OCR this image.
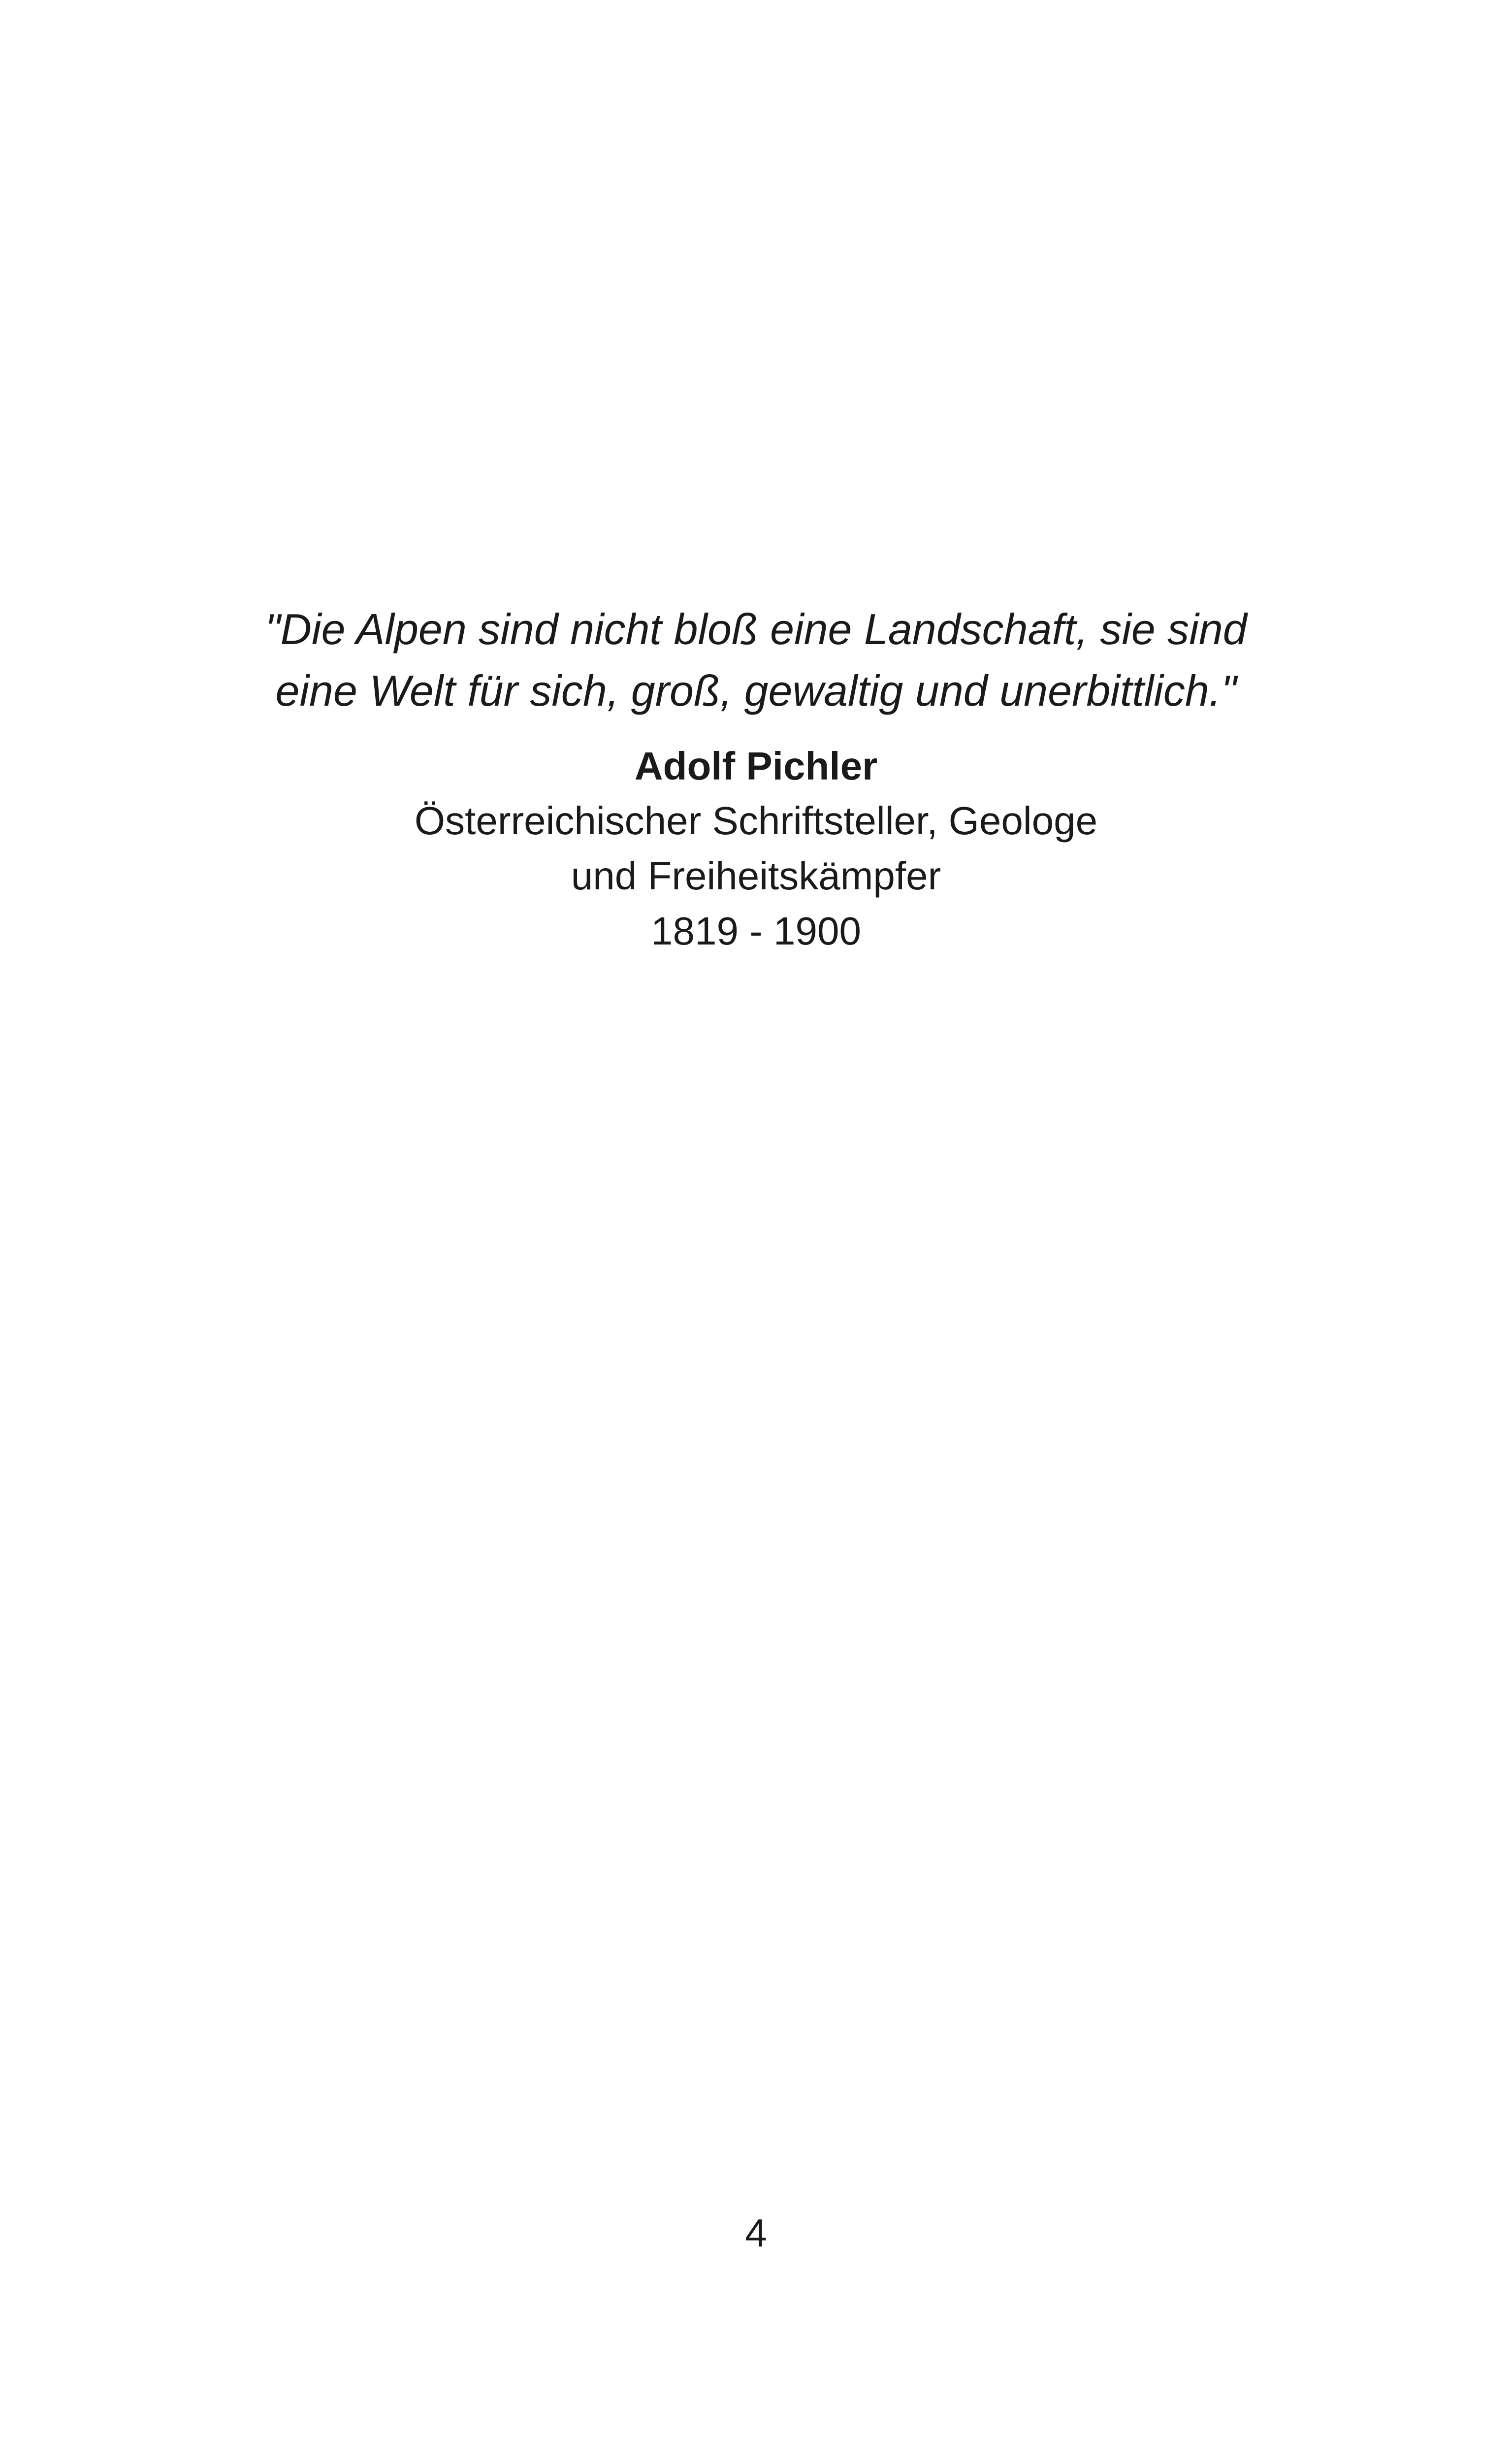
"Die Alpen sind nicht bloß eine Landschaft, sie sind
eine Welt für sich, groß, gewaltig und unerbittlich."

Adolf Pichler
Österreichischer Schriftsteller, Geologe
und Freiheitskämpfer
1819 - 1900
4
